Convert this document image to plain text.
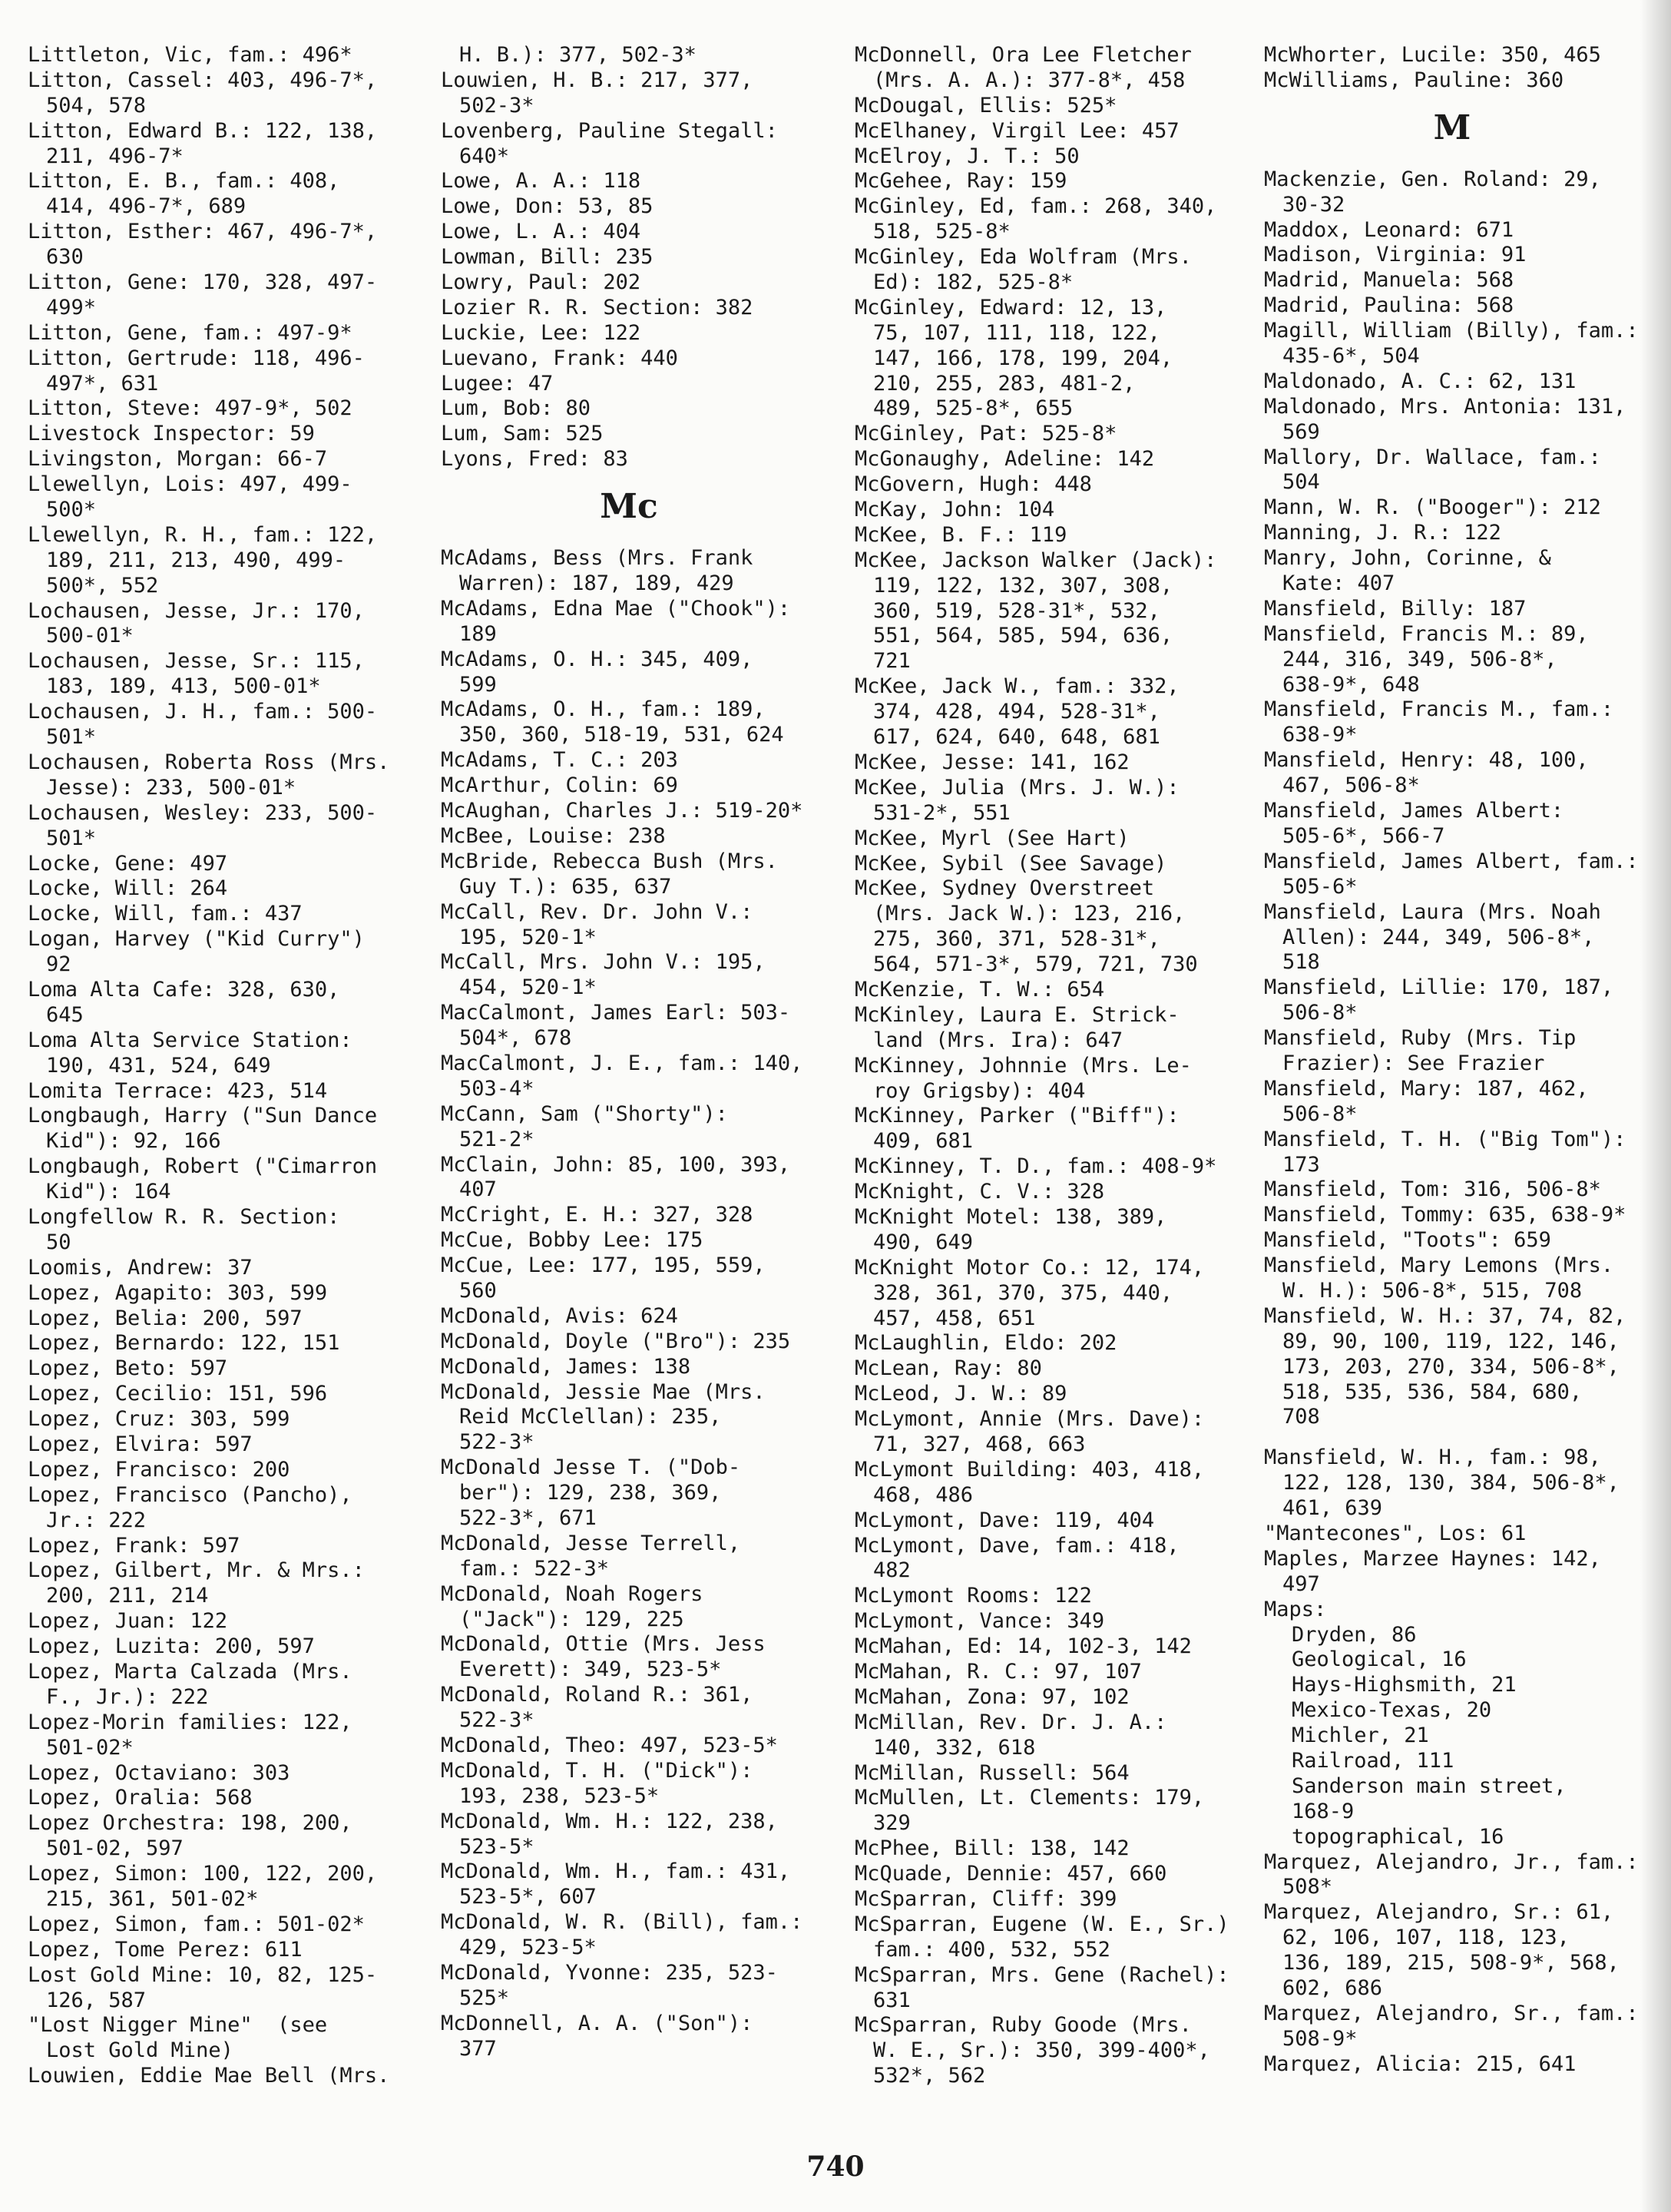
Littleton, Vic, fam.: 496*
Litton, Cassel: 403, 496-7*,
504, 578
Litton, Edward B.: 122, 138,
211, 496-7*
Litton, E. B., fam.: 408,
414, 496-7*, 689
Litton, Esther: 467, 496-7*,
630
Litton, Gene: 170, 328, 497-
499*
Litton, Gene, fam.: 497-9*
Litton, Gertrude: 118, 496-
497*, 631
Litton, Steve: 497-9*, 502
Livestock Inspector: 59
Livingston, Morgan: 66-7
Llewellyn, Lois: 497, 499-
500*
Llewellyn, R. H., fam.: 122,
189, 211, 213, 490, 499-
500*, 552
Lochausen, Jesse, Jr.: 170,
500-01*
Lochausen, Jesse, Sr.: 115,
183, 189, 413, 500-01*
Lochausen, J. H., fam.: 500-
501*
Lochausen, Roberta Ross (Mrs.
Jesse): 233, 500-01*
Lochausen, Wesley: 233, 500-
501*
Locke, Gene: 497
Locke, Will: 264
Locke, Will, fam.: 437
Logan, Harvey ("Kid Curry")
92
Loma Alta Cafe: 328, 630,
645
Loma Alta Service Station:
190, 431, 524, 649
Lomita Terrace: 423, 514
Longbaugh, Harry ("Sun Dance
Kid"): 92, 166
Longbaugh, Robert ("Cimarron
Kid"): 164
Longfellow R. R. Section:
50
Loomis, Andrew: 37
Lopez, Agapito: 303, 599
Lopez, Belia: 200, 597
Lopez, Bernardo: 122, 151
Lopez, Beto: 597
Lopez, Cecilio: 151, 596
Lopez, Cruz: 303, 599
Lopez, Elvira: 597
Lopez, Francisco: 200
Lopez, Francisco (Pancho),
Jr.: 222
Lopez, Frank: 597
Lopez, Gilbert, Mr. & Mrs.:
200, 211, 214
Lopez, Juan: 122
Lopez, Luzita: 200, 597
Lopez, Marta Calzada (Mrs.
F., Jr.): 222
Lopez-Morin families: 122,
501-02*
Lopez, Octaviano: 303
Lopez, Oralia: 568
Lopez Orchestra: 198, 200,
501-02, 597
Lopez, Simon: 100, 122, 200,
215, 361, 501-02*
Lopez, Simon, fam.: 501-02*
Lopez, Tome Perez: 611
Lost Gold Mine: 10, 82, 125-
126, 587
"Lost Nigger Mine"  (see
Lost Gold Mine)
Louwien, Eddie Mae Bell (Mrs.
H. B.): 377, 502-3*
Louwien, H. B.: 217, 377,
502-3*
Lovenberg, Pauline Stegall:
640*
Lowe, A. A.: 118
Lowe, Don: 53, 85
Lowe, L. A.: 404
Lowman, Bill: 235
Lowry, Paul: 202
Lozier R. R. Section: 382
Luckie, Lee: 122
Luevano, Frank: 440
Lugee: 47
Lum, Bob: 80
Lum, Sam: 525
Lyons, Fred: 83
Mc
McAdams, Bess (Mrs. Frank
Warren): 187, 189, 429
McAdams, Edna Mae ("Chook"):
189
McAdams, O. H.: 345, 409,
599
McAdams, O. H., fam.: 189,
350, 360, 518-19, 531, 624
McAdams, T. C.: 203
McArthur, Colin: 69
McAughan, Charles J.: 519-20*
McBee, Louise: 238
McBride, Rebecca Bush (Mrs.
Guy T.): 635, 637
McCall, Rev. Dr. John V.:
195, 520-1*
McCall, Mrs. John V.: 195,
454, 520-1*
MacCalmont, James Earl: 503-
504*, 678
MacCalmont, J. E., fam.: 140,
503-4*
McCann, Sam ("Shorty"):
521-2*
McClain, John: 85, 100, 393,
407
McCright, E. H.: 327, 328
McCue, Bobby Lee: 175
McCue, Lee: 177, 195, 559,
560
McDonald, Avis: 624
McDonald, Doyle ("Bro"): 235
McDonald, James: 138
McDonald, Jessie Mae (Mrs.
Reid McClellan): 235,
522-3*
McDonald Jesse T. ("Dob-
ber"): 129, 238, 369,
522-3*, 671
McDonald, Jesse Terrell,
fam.: 522-3*
McDonald, Noah Rogers
("Jack"): 129, 225
McDonald, Ottie (Mrs. Jess
Everett): 349, 523-5*
McDonald, Roland R.: 361,
522-3*
McDonald, Theo: 497, 523-5*
McDonald, T. H. ("Dick"):
193, 238, 523-5*
McDonald, Wm. H.: 122, 238,
523-5*
McDonald, Wm. H., fam.: 431,
523-5*, 607
McDonald, W. R. (Bill), fam.:
429, 523-5*
McDonald, Yvonne: 235, 523-
525*
McDonnell, A. A. ("Son"):
377
McDonnell, Ora Lee Fletcher
(Mrs. A. A.): 377-8*, 458
McDougal, Ellis: 525*
McElhaney, Virgil Lee: 457
McElroy, J. T.: 50
McGehee, Ray: 159
McGinley, Ed, fam.: 268, 340,
518, 525-8*
McGinley, Eda Wolfram (Mrs.
Ed): 182, 525-8*
McGinley, Edward: 12, 13,
75, 107, 111, 118, 122,
147, 166, 178, 199, 204,
210, 255, 283, 481-2,
489, 525-8*, 655
McGinley, Pat: 525-8*
McGonaughy, Adeline: 142
McGovern, Hugh: 448
McKay, John: 104
McKee, B. F.: 119
McKee, Jackson Walker (Jack):
119, 122, 132, 307, 308,
360, 519, 528-31*, 532,
551, 564, 585, 594, 636,
721
McKee, Jack W., fam.: 332,
374, 428, 494, 528-31*,
617, 624, 640, 648, 681
McKee, Jesse: 141, 162
McKee, Julia (Mrs. J. W.):
531-2*, 551
McKee, Myrl (See Hart)
McKee, Sybil (See Savage)
McKee, Sydney Overstreet
(Mrs. Jack W.): 123, 216,
275, 360, 371, 528-31*,
564, 571-3*, 579, 721, 730
McKenzie, T. W.: 654
McKinley, Laura E. Strick-
land (Mrs. Ira): 647
McKinney, Johnnie (Mrs. Le-
roy Grigsby): 404
McKinney, Parker ("Biff"):
409, 681
McKinney, T. D., fam.: 408-9*
McKnight, C. V.: 328
McKnight Motel: 138, 389,
490, 649
McKnight Motor Co.: 12, 174,
328, 361, 370, 375, 440,
457, 458, 651
McLaughlin, Eldo: 202
McLean, Ray: 80
McLeod, J. W.: 89
McLymont, Annie (Mrs. Dave):
71, 327, 468, 663
McLymont Building: 403, 418,
468, 486
McLymont, Dave: 119, 404
McLymont, Dave, fam.: 418,
482
McLymont Rooms: 122
McLymont, Vance: 349
McMahan, Ed: 14, 102-3, 142
McMahan, R. C.: 97, 107
McMahan, Zona: 97, 102
McMillan, Rev. Dr. J. A.:
140, 332, 618
McMillan, Russell: 564
McMullen, Lt. Clements: 179,
329
McPhee, Bill: 138, 142
McQuade, Dennie: 457, 660
McSparran, Cliff: 399
McSparran, Eugene (W. E., Sr.)
fam.: 400, 532, 552
McSparran, Mrs. Gene (Rachel):
631
McSparran, Ruby Goode (Mrs.
W. E., Sr.): 350, 399-400*,
532*, 562
McWhorter, Lucile: 350, 465
McWilliams, Pauline: 360
M
Mackenzie, Gen. Roland: 29,
30-32
Maddox, Leonard: 671
Madison, Virginia: 91
Madrid, Manuela: 568
Madrid, Paulina: 568
Magill, William (Billy), fam.:
435-6*, 504
Maldonado, A. C.: 62, 131
Maldonado, Mrs. Antonia: 131,
569
Mallory, Dr. Wallace, fam.:
504
Mann, W. R. ("Booger"): 212
Manning, J. R.: 122
Manry, John, Corinne, &
Kate: 407
Mansfield, Billy: 187
Mansfield, Francis M.: 89,
244, 316, 349, 506-8*,
638-9*, 648
Mansfield, Francis M., fam.:
638-9*
Mansfield, Henry: 48, 100,
467, 506-8*
Mansfield, James Albert:
505-6*, 566-7
Mansfield, James Albert, fam.:
505-6*
Mansfield, Laura (Mrs. Noah
Allen): 244, 349, 506-8*,
518
Mansfield, Lillie: 170, 187,
506-8*
Mansfield, Ruby (Mrs. Tip
Frazier): See Frazier
Mansfield, Mary: 187, 462,
506-8*
Mansfield, T. H. ("Big Tom"):
173
Mansfield, Tom: 316, 506-8*
Mansfield, Tommy: 635, 638-9*
Mansfield, "Toots": 659
Mansfield, Mary Lemons (Mrs.
W. H.): 506-8*, 515, 708
Mansfield, W. H.: 37, 74, 82,
89, 90, 100, 119, 122, 146,
173, 203, 270, 334, 506-8*,
518, 535, 536, 584, 680,
708
Mansfield, W. H., fam.: 98,
122, 128, 130, 384, 506-8*,
461, 639
"Mantecones", Los: 61
Maples, Marzee Haynes: 142,
497
Maps:
Dryden, 86
Geological, 16
Hays-Highsmith, 21
Mexico-Texas, 20
Michler, 21
Railroad, 111
Sanderson main street,
168-9
topographical, 16
Marquez, Alejandro, Jr., fam.:
508*
Marquez, Alejandro, Sr.: 61,
62, 106, 107, 118, 123,
136, 189, 215, 508-9*, 568,
602, 686
Marquez, Alejandro, Sr., fam.:
508-9*
Marquez, Alicia: 215, 641
740
